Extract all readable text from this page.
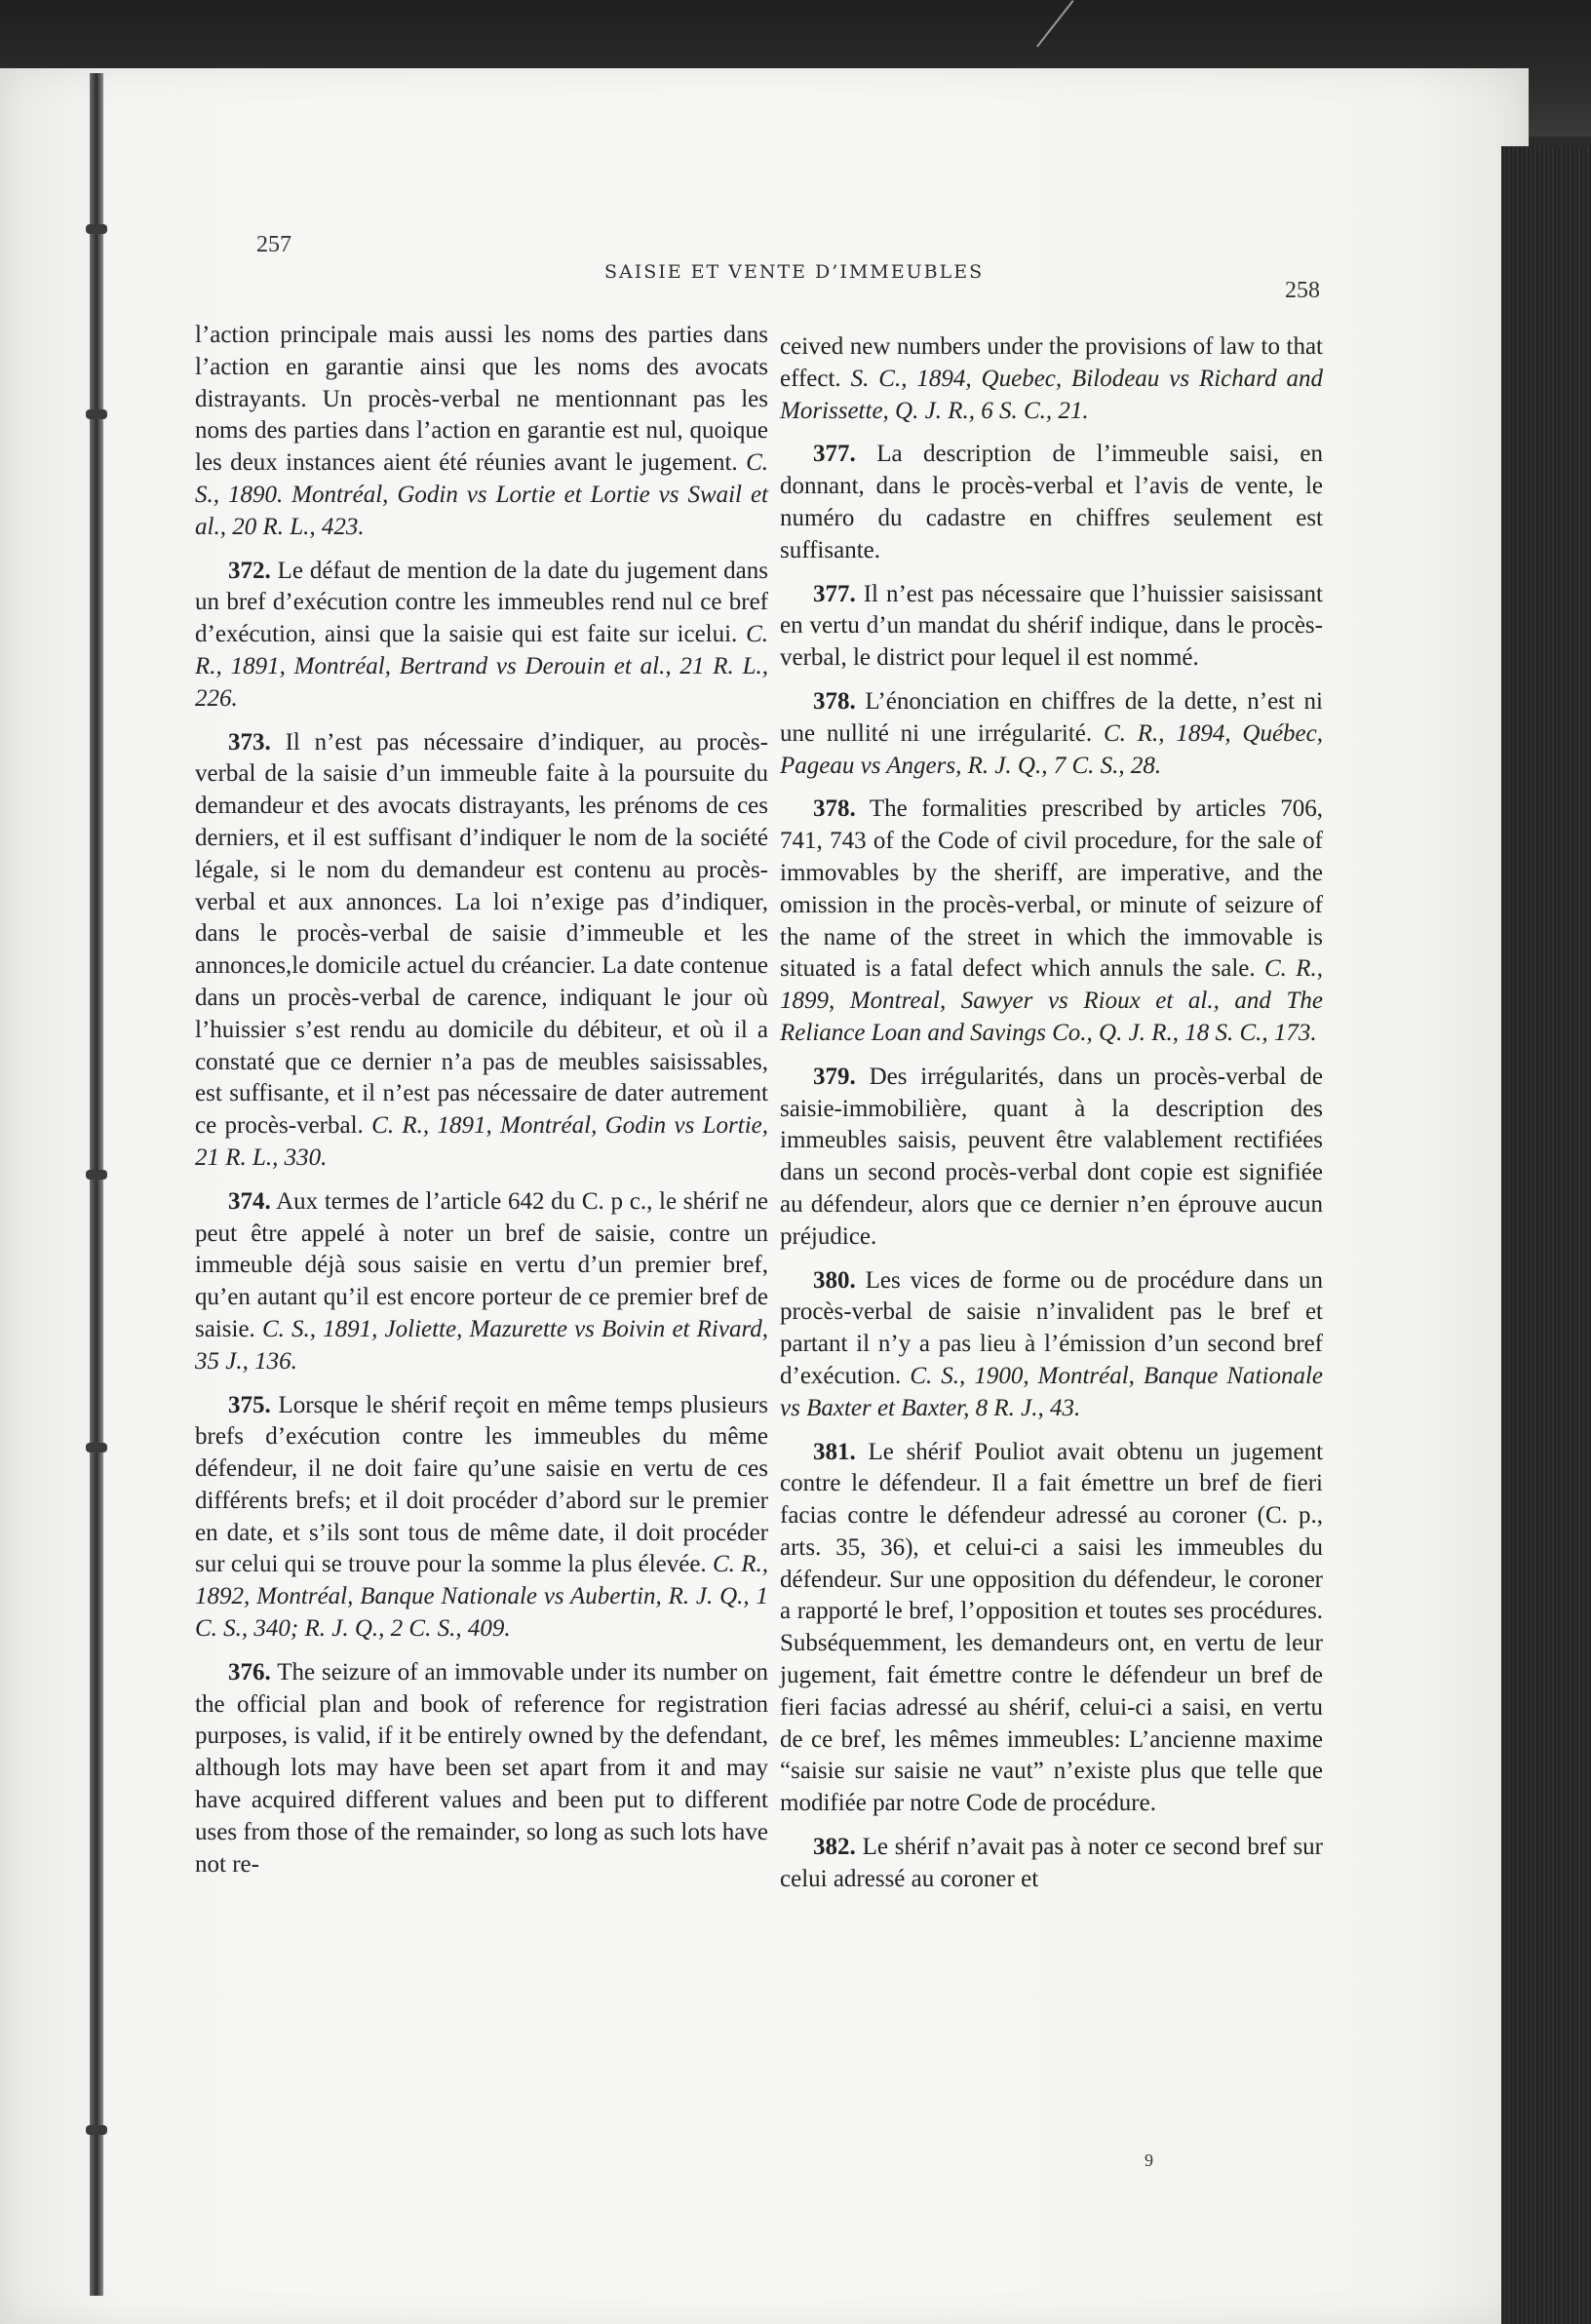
257
SAISIE ET VENTE D’IMMEUBLES
258

l’action principale mais aussi les noms des parties dans l’action en garantie ainsi que les noms des avocats distrayants. Un procès-verbal ne mentionnant pas les noms des parties dans l’action en garantie est nul, quoique les deux instances aient été réunies avant le jugement. C. S., 1890. Montréal, Godin vs Lortie et Lortie vs Swail et al., 20 R. L., 423.

372. Le défaut de mention de la date du jugement dans un bref d’exécution contre les immeubles rend nul ce bref d’exécution, ainsi que la saisie qui est faite sur icelui. C. R., 1891, Montréal, Bertrand vs Derouin et al., 21 R. L., 226.

373. Il n’est pas nécessaire d’indiquer, au procès-verbal de la saisie d’un immeuble faite à la poursuite du demandeur et des avocats distrayants, les prénoms de ces derniers, et il est suffisant d’indiquer le nom de la société légale, si le nom du demandeur est contenu au procès-verbal et aux annonces. La loi n’exige pas d’indiquer, dans le procès-verbal de saisie d’immeuble et les annonces,le domicile actuel du créancier. La date contenue dans un procès-verbal de carence, indiquant le jour où l’huissier s’est rendu au domicile du débiteur, et où il a constaté que ce dernier n’a pas de meubles saisissables, est suffisante, et il n’est pas nécessaire de dater autrement ce procès-verbal. C. R., 1891, Montréal, Godin vs Lortie, 21 R. L., 330.

374. Aux termes de l’article 642 du C. p c., le shérif ne peut être appelé à noter un bref de saisie, contre un immeuble déjà sous saisie en vertu d’un premier bref, qu’en autant qu’il est encore porteur de ce premier bref de saisie. C. S., 1891, Joliette, Mazurette vs Boivin et Rivard, 35 J., 136.

375. Lorsque le shérif reçoit en même temps plusieurs brefs d’exécution contre les immeubles du même défendeur, il ne doit faire qu’une saisie en vertu de ces différents brefs; et il doit procéder d’abord sur le premier en date, et s’ils sont tous de même date, il doit procéder sur celui qui se trouve pour la somme la plus élevée. C. R., 1892, Montréal, Banque Nationale vs Aubertin, R. J. Q., 1 C. S., 340; R. J. Q., 2 C. S., 409.

376. The seizure of an immovable under its number on the official plan and book of reference for registration purposes, is valid, if it be entirely owned by the defendant, although lots may have been set apart from it and may have acquired different values and been put to different uses from those of the remainder, so long as such lots have not re-

ceived new numbers under the provisions of law to that effect. S. C., 1894, Quebec, Bilodeau vs Richard and Morissette, Q. J. R., 6 S. C., 21.

377. La description de l’immeuble saisi, en donnant, dans le procès-verbal et l’avis de vente, le numéro du cadastre en chiffres seulement est suffisante.

377. Il n’est pas nécessaire que l’huissier saisissant en vertu d’un mandat du shérif indique, dans le procès-verbal, le district pour lequel il est nommé.

378. L’énonciation en chiffres de la dette, n’est ni une nullité ni une irrégularité. C. R., 1894, Québec, Pageau vs Angers, R. J. Q., 7 C. S., 28.

378. The formalities prescribed by articles 706, 741, 743 of the Code of civil procedure, for the sale of immovables by the sheriff, are imperative, and the omission in the procès-verbal, or minute of seizure of the name of the street in which the immovable is situated is a fatal defect which annuls the sale. C. R., 1899, Montreal, Sawyer vs Rioux et al., and The Reliance Loan and Savings Co., Q. J. R., 18 S. C., 173.

379. Des irrégularités, dans un procès-verbal de saisie-immobilière, quant à la description des immeubles saisis, peuvent être valablement rectifiées dans un second procès-verbal dont copie est signifiée au défendeur, alors que ce dernier n’en éprouve aucun préjudice.

380. Les vices de forme ou de procédure dans un procès-verbal de saisie n’invalident pas le bref et partant il n’y a pas lieu à l’émission d’un second bref d’exécution. C. S., 1900, Montréal, Banque Nationale vs Baxter et Baxter, 8 R. J., 43.

381. Le shérif Pouliot avait obtenu un jugement contre le défendeur. Il a fait émettre un bref de fieri facias contre le défendeur adressé au coroner (C. p., arts. 35, 36), et celui-ci a saisi les immeubles du défendeur. Sur une opposition du défendeur, le coroner a rapporté le bref, l’opposition et toutes ses procédures. Subséquemment, les demandeurs ont, en vertu de leur jugement, fait émettre contre le défendeur un bref de fieri facias adressé au shérif, celui-ci a saisi, en vertu de ce bref, les mêmes immeubles: L’ancienne maxime “saisie sur saisie ne vaut” n’existe plus que telle que modifiée par notre Code de procédure.

382. Le shérif n’avait pas à noter ce second bref sur celui adressé au coroner et

9
